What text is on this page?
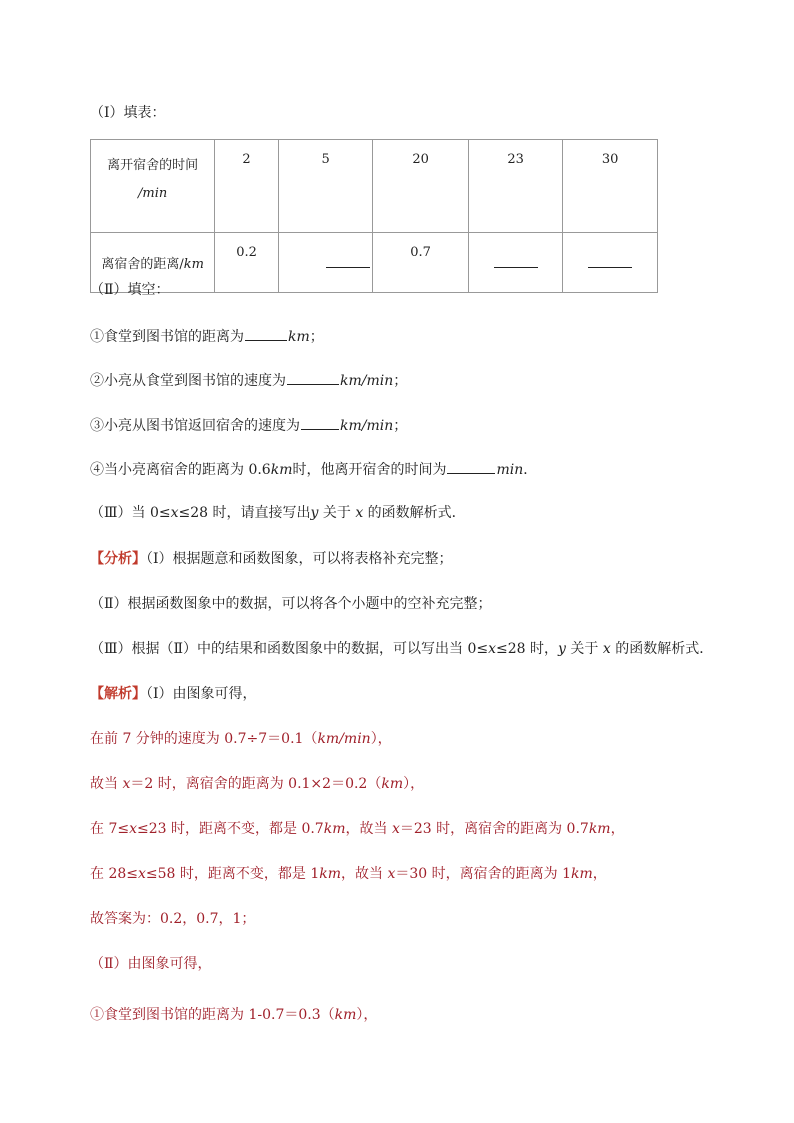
（Ⅰ）填表：
离开宿舍的时间
/min	2	5	20	23	30
离宿舍的距离/km	0.2		0.7		
（Ⅱ）填空：
①食堂到图书馆的距离为	km；
②小亮从食堂到图书馆的速度为	km/min；
③小亮从图书馆返回宿舍的速度为	km/min；
④当小亮离宿舍的距离为 0.6km时，他离开宿舍的时间为	min．
（Ⅲ）当 0≤x≤28 时，请直接写出y 关于 x 的函数解析式．
【分析】（Ⅰ）根据题意和函数图象，可以将表格补充完整；
（Ⅱ）根据函数图象中的数据，可以将各个小题中的空补充完整；
（Ⅲ）根据（Ⅱ）中的结果和函数图象中的数据，可以写出当 0≤x≤28 时，y 关于 x 的函数解析式．
【解析】（Ⅰ）由图象可得，
在前 7 分钟的速度为 0.7÷7＝0.1（km/min），
故当 x＝2 时，离宿舍的距离为 0.1×2＝0.2（km），
在 7≤x≤23 时，距离不变，都是 0.7km，故当 x＝23 时，离宿舍的距离为 0.7km，
在 28≤x≤58 时，距离不变，都是 1km，故当 x＝30 时，离宿舍的距离为 1km，
故答案为：0.2，0.7，1；
（Ⅱ）由图象可得，
①食堂到图书馆的距离为 1-0.7＝0.3（km），
